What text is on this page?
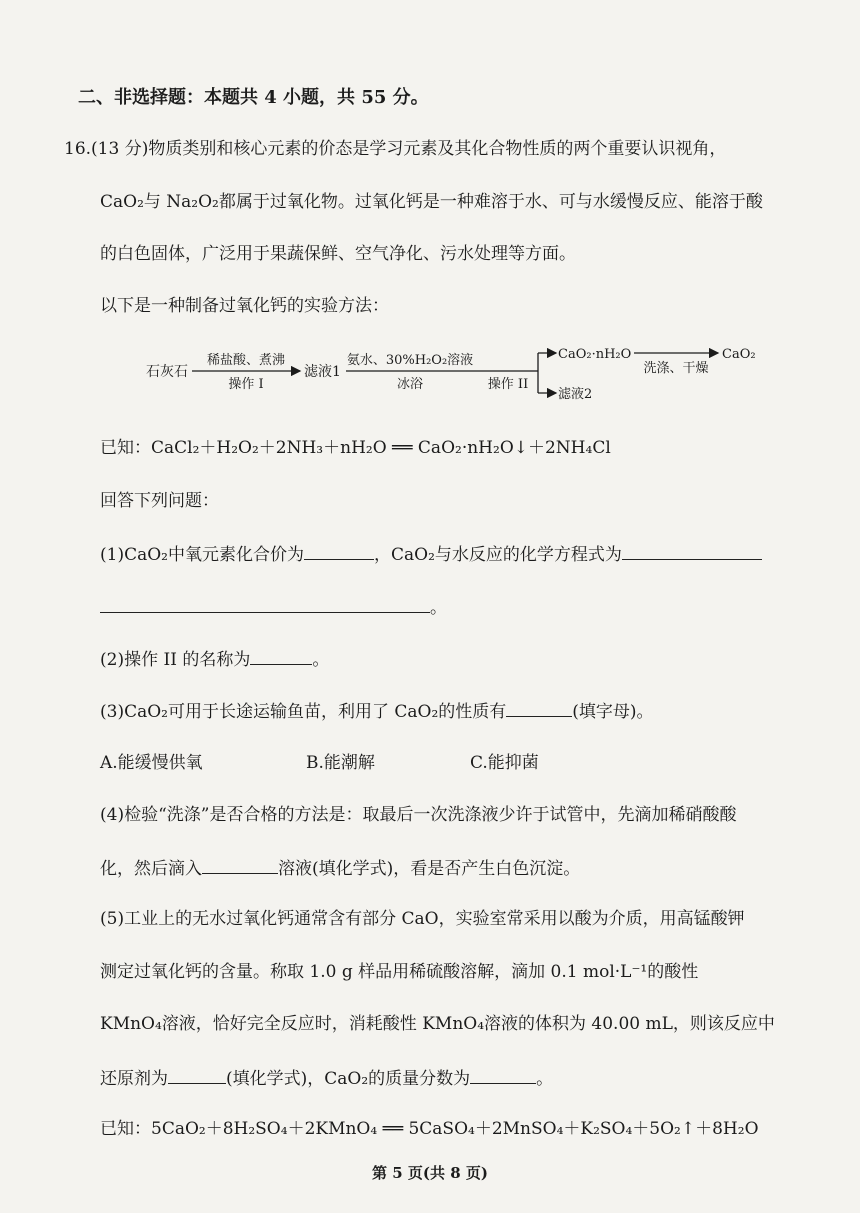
二、非选择题：本题共 4 小题，共 55 分。
16.(13 分)物质类别和核心元素的价态是学习元素及其化合物性质的两个重要认识视角，
CaO₂与 Na₂O₂都属于过氧化物。过氧化钙是一种难溶于水、可与水缓慢反应、能溶于酸
的白色固体，广泛用于果蔬保鲜、空气净化、污水处理等方面。
以下是一种制备过氧化钙的实验方法：
石灰石
稀盐酸、煮沸
操作 I
滤液1
氨水、30%H₂O₂溶液
冰浴	操作 II
CaO₂·nH₂O
洗涤、干燥
CaO₂
滤液2
已知：CaCl₂＋H₂O₂＋2NH₃＋nH₂O ══ CaO₂·nH₂O↓＋2NH₄Cl
回答下列问题：
(1)CaO₂中氧元素化合价为	，CaO₂与水反应的化学方程式为
。
(2)操作 II 的名称为	。
(3)CaO₂可用于长途运输鱼苗，利用了 CaO₂的性质有	(填字母)。
A.能缓慢供氧	B.能潮解	C.能抑菌
(4)检验“洗涤”是否合格的方法是：取最后一次洗涤液少许于试管中，先滴加稀硝酸酸
化，然后滴入	溶液(填化学式)，看是否产生白色沉淀。
(5)工业上的无水过氧化钙通常含有部分 CaO，实验室常采用以酸为介质，用高锰酸钾
测定过氧化钙的含量。称取 1.0 g 样品用稀硫酸溶解，滴加 0.1 mol·L⁻¹的酸性
KMnO₄溶液，恰好完全反应时，消耗酸性 KMnO₄溶液的体积为 40.00 mL，则该反应中
还原剂为	(填化学式)，CaO₂的质量分数为	。
已知：5CaO₂＋8H₂SO₄＋2KMnO₄ ══ 5CaSO₄＋2MnSO₄＋K₂SO₄＋5O₂↑＋8H₂O
第 5 页(共 8 页)
